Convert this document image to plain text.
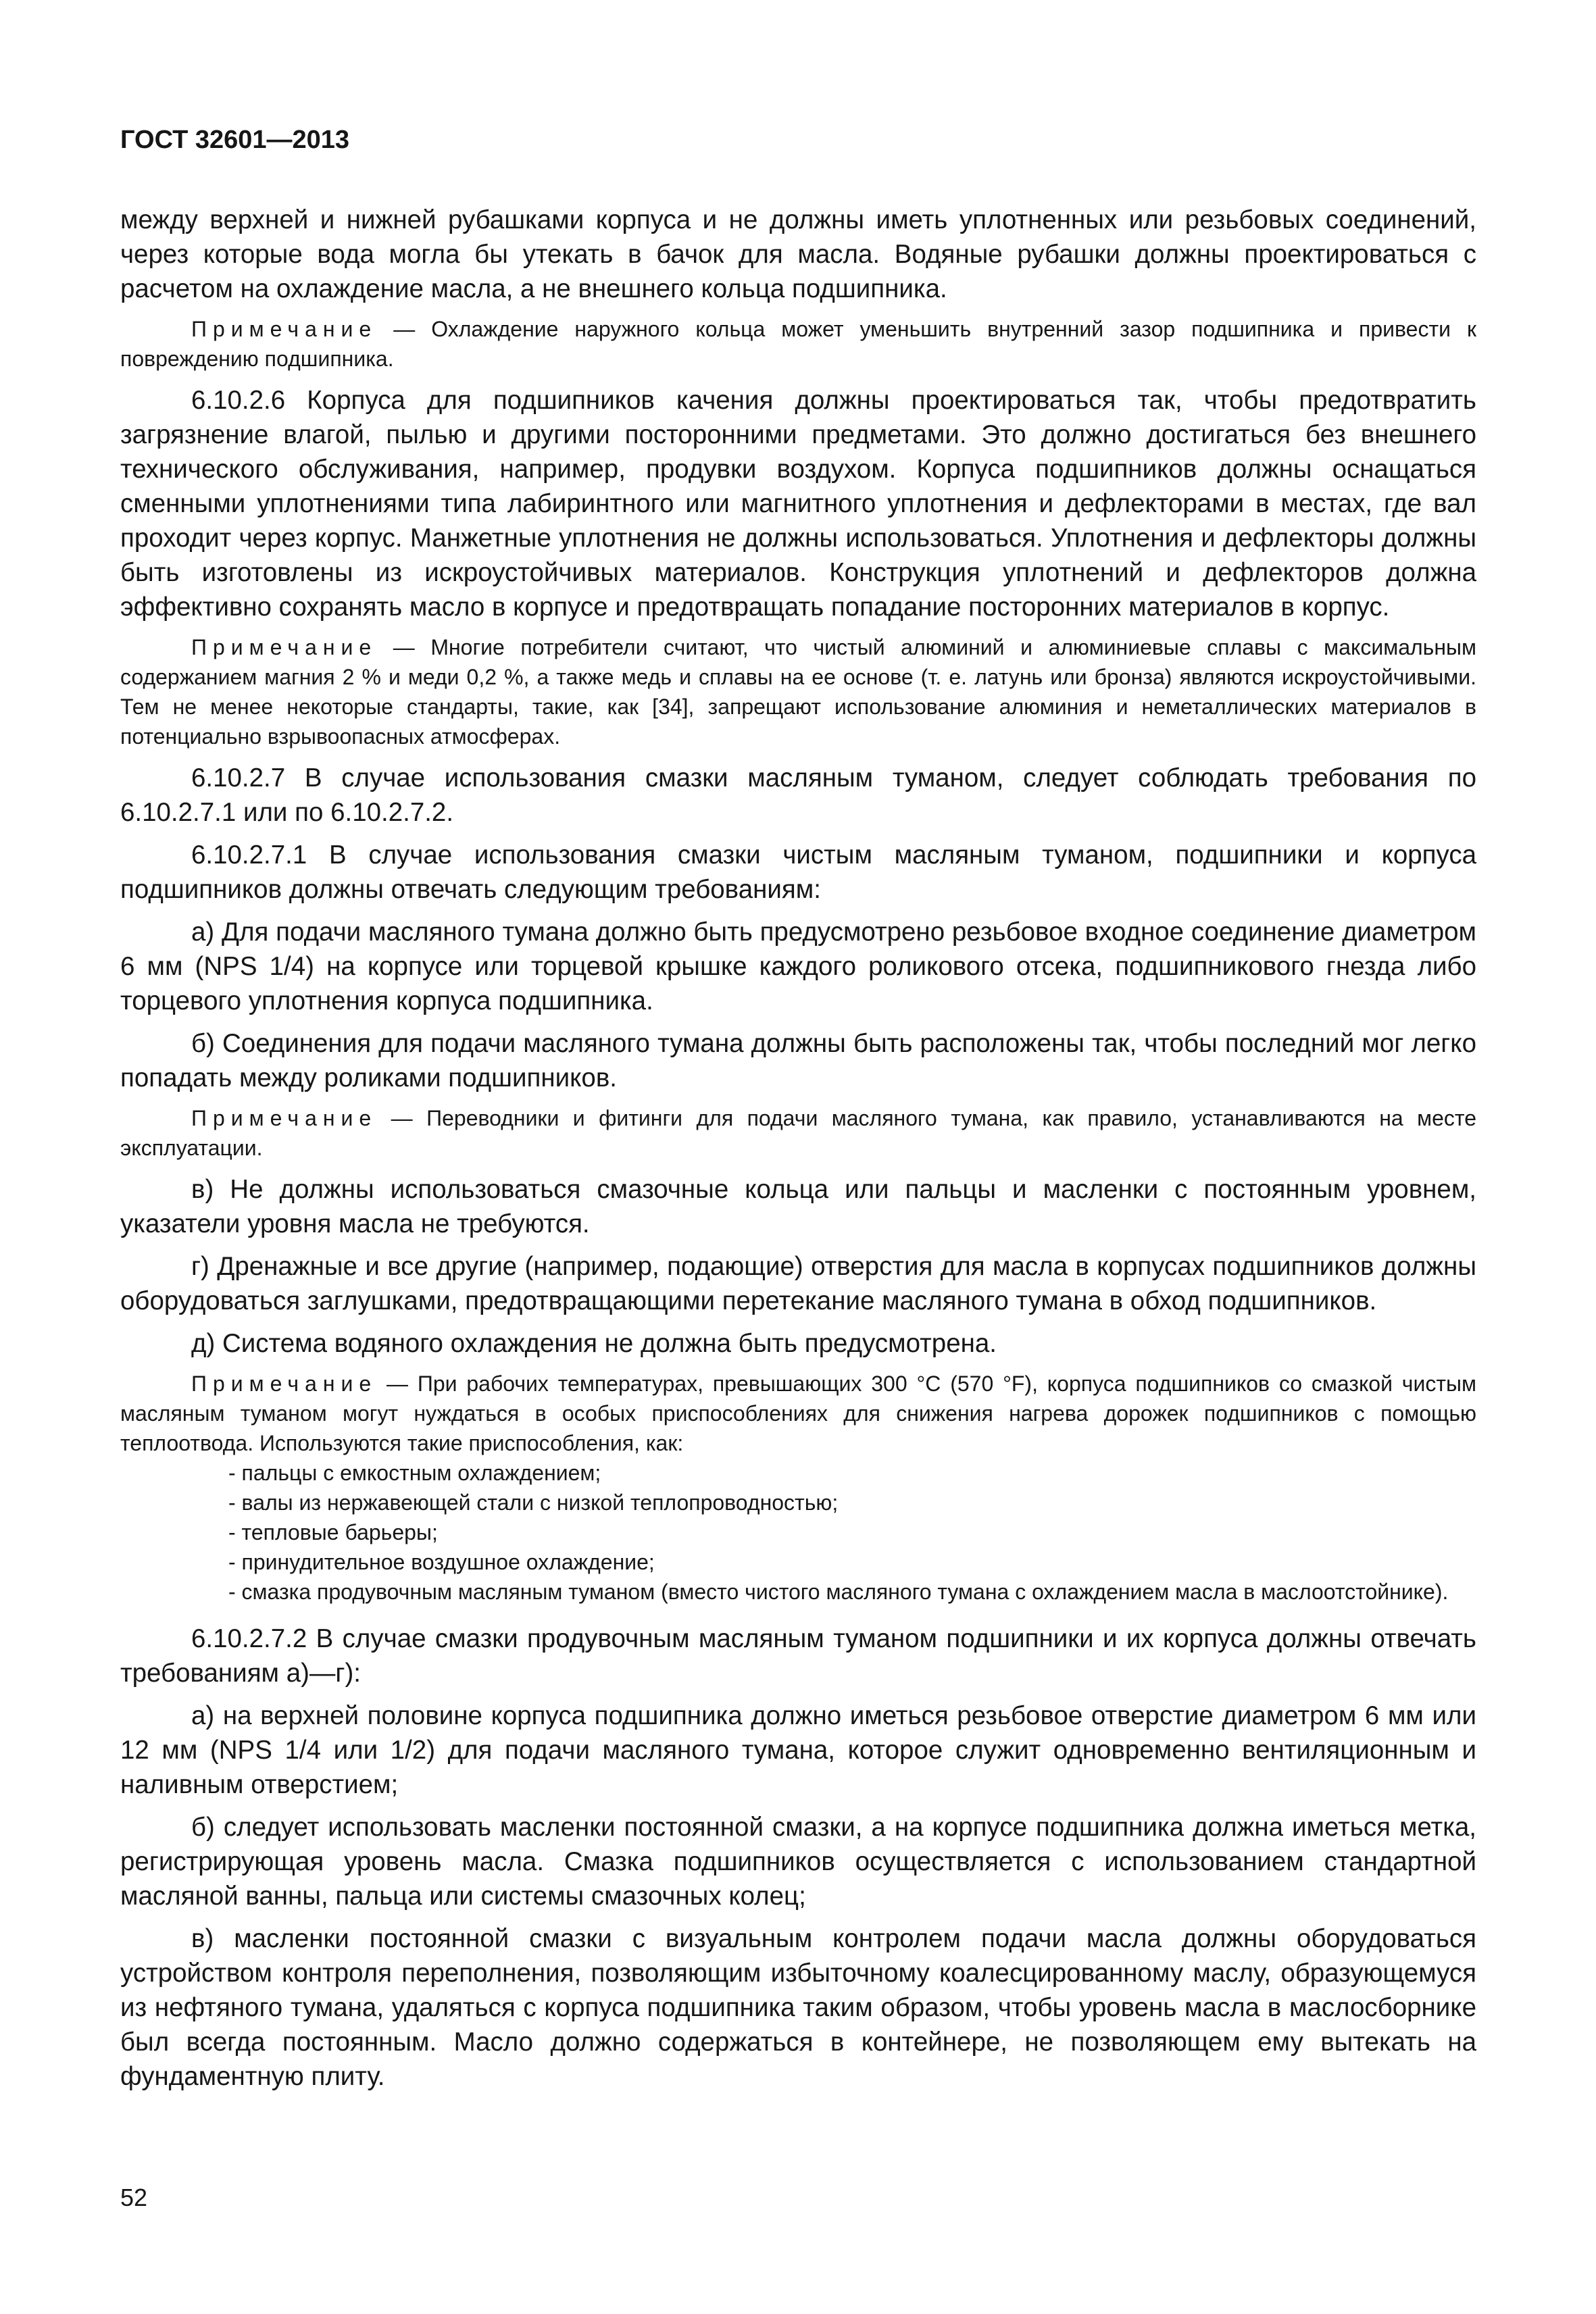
ГОСТ 32601—2013

между верхней и нижней рубашками корпуса и не должны иметь уплотненных или резьбовых соединений, через которые вода могла бы утекать в бачок для масла. Водяные рубашки должны проектироваться с расчетом на охлаждение масла, а не внешнего кольца подшипника.

Примечание — Охлаждение наружного кольца может уменьшить внутренний зазор подшипника и привести к повреждению подшипника.

6.10.2.6 Корпуса для подшипников качения должны проектироваться так, чтобы предотвратить загрязнение влагой, пылью и другими посторонними предметами. Это должно достигаться без внешнего технического обслуживания, например, продувки воздухом. Корпуса подшипников должны оснащаться сменными уплотнениями типа лабиринтного или магнитного уплотнения и дефлекторами в местах, где вал проходит через корпус. Манжетные уплотнения не должны использоваться. Уплотнения и дефлекторы должны быть изготовлены из искроустойчивых материалов. Конструкция уплотнений и дефлекторов должна эффективно сохранять масло в корпусе и предотвращать попадание посторонних материалов в корпус.

Примечание — Многие потребители считают, что чистый алюминий и алюминиевые сплавы с максимальным содержанием магния 2 % и меди 0,2 %, а также медь и сплавы на ее основе (т. е. латунь или бронза) являются искроустойчивыми. Тем не менее некоторые стандарты, такие, как [34], запрещают использование алюминия и неметаллических материалов в потенциально взрывоопасных атмосферах.

6.10.2.7 В случае использования смазки масляным туманом, следует соблюдать требования по 6.10.2.7.1 или по 6.10.2.7.2.

6.10.2.7.1 В случае использования смазки чистым масляным туманом, подшипники и корпуса подшипников должны отвечать следующим требованиям:

а) Для подачи масляного тумана должно быть предусмотрено резьбовое входное соединение диаметром 6 мм (NPS 1/4) на корпусе или торцевой крышке каждого роликового отсека, подшипникового гнезда либо торцевого уплотнения корпуса подшипника.

б) Соединения для подачи масляного тумана должны быть расположены так, чтобы последний мог легко попадать между роликами подшипников.

Примечание — Переводники и фитинги для подачи масляного тумана, как правило, устанавливаются на месте эксплуатации.

в) Не должны использоваться смазочные кольца или пальцы и масленки с постоянным уровнем, указатели уровня масла не требуются.

г) Дренажные и все другие (например, подающие) отверстия для масла в корпусах подшипников должны оборудоваться заглушками, предотвращающими перетекание масляного тумана в обход подшипников.

д) Система водяного охлаждения не должна быть предусмотрена.

Примечание — При рабочих температурах, превышающих 300 °С (570 °F), корпуса подшипников со смазкой чистым масляным туманом могут нуждаться в особых приспособлениях для снижения нагрева дорожек подшипников с помощью теплоотвода. Используются такие приспособления, как:

- пальцы с емкостным охлаждением;

- валы из нержавеющей стали с низкой теплопроводностью;

- тепловые барьеры;

- принудительное воздушное охлаждение;

- смазка продувочным масляным туманом (вместо чистого масляного тумана с охлаждением масла в маслоотстойнике).

6.10.2.7.2 В случае смазки продувочным масляным туманом подшипники и их корпуса должны отвечать требованиям а)—г):

а) на верхней половине корпуса подшипника должно иметься резьбовое отверстие диаметром 6 мм или 12 мм (NPS 1/4 или 1/2) для подачи масляного тумана, которое служит одновременно вентиляционным и наливным отверстием;

б) следует использовать масленки постоянной смазки, а на корпусе подшипника должна иметься метка, регистрирующая уровень масла. Смазка подшипников осуществляется с использованием стандартной масляной ванны, пальца или системы смазочных колец;

в) масленки постоянной смазки с визуальным контролем подачи масла должны оборудоваться устройством контроля переполнения, позволяющим избыточному коалесцированному маслу, образующемуся из нефтяного тумана, удаляться с корпуса подшипника таким образом, чтобы уровень масла в маслосборнике был всегда постоянным. Масло должно содержаться в контейнере, не позволяющем ему вытекать на фундаментную плиту.

52
